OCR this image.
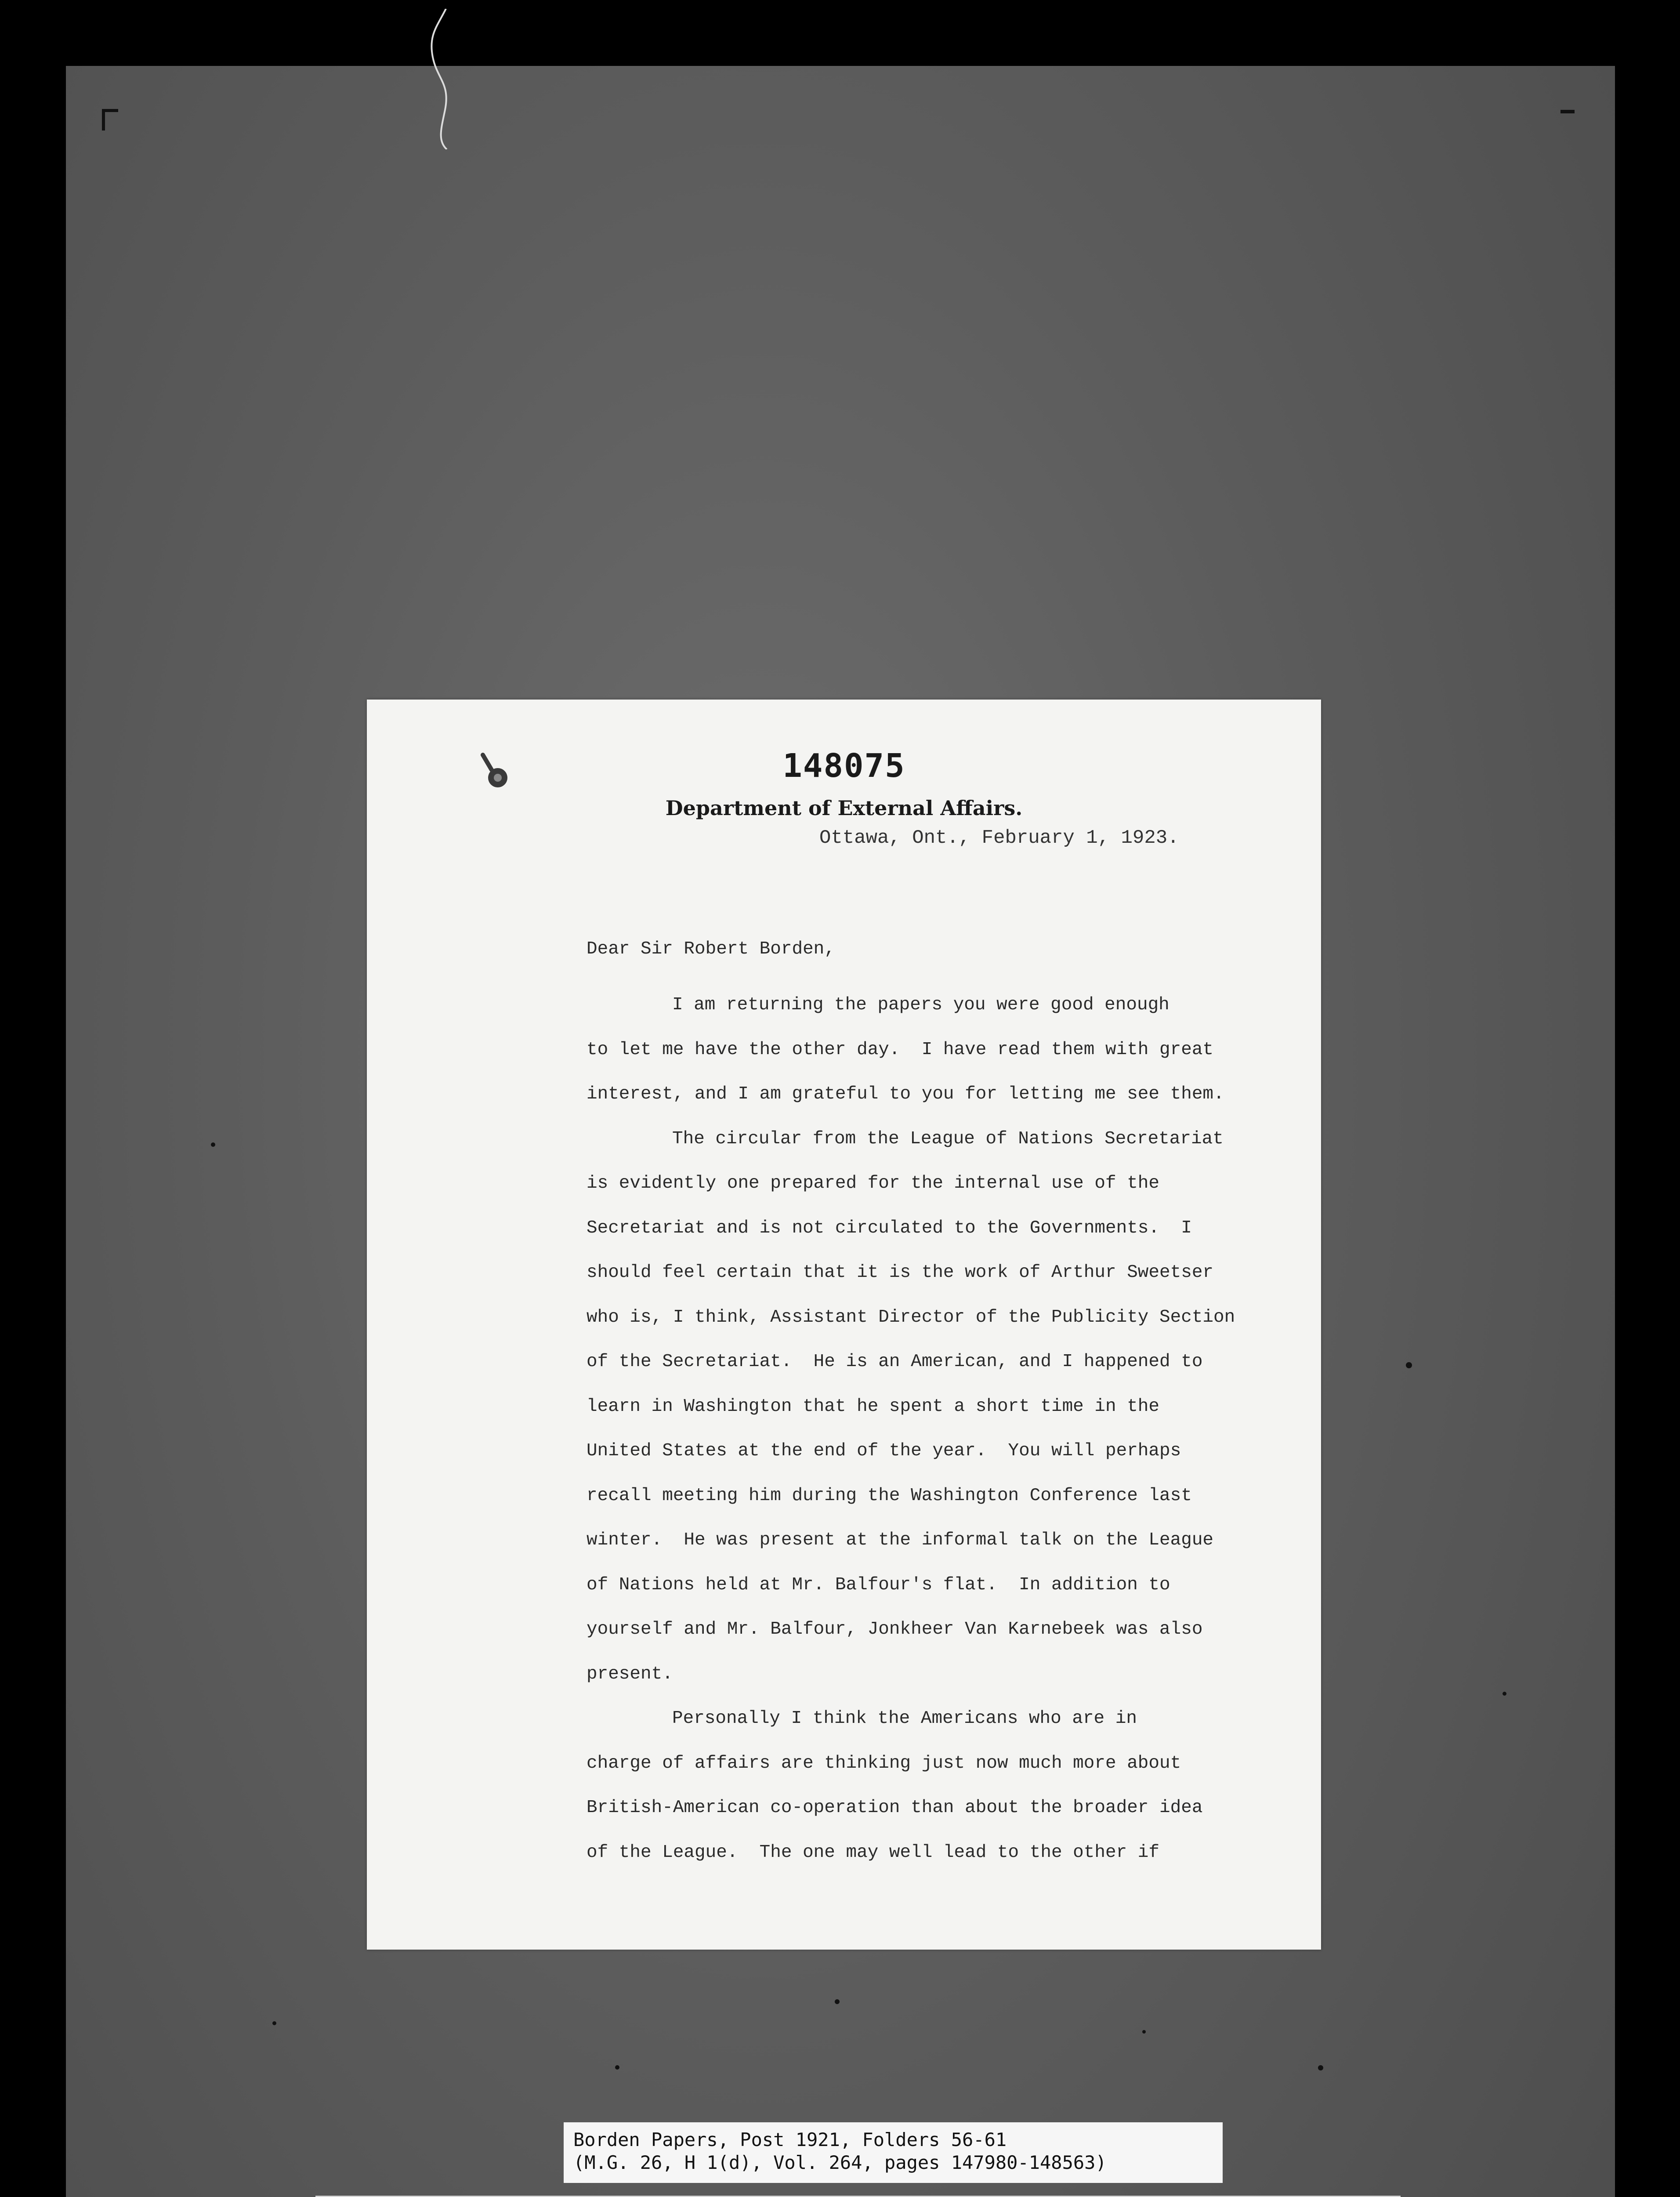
148075
Department of External Affairs.
Ottawa, Ont., February 1, 1923.
Dear Sir Robert Borden,
I am returning the papers you were good enough
to let me have the other day.  I have read them with great
interest, and I am grateful to you for letting me see them.
The circular from the League of Nations Secretariat
is evidently one prepared for the internal use of the
Secretariat and is not circulated to the Governments.  I
should feel certain that it is the work of Arthur Sweetser
who is, I think, Assistant Director of the Publicity Section
of the Secretariat.  He is an American, and I happened to
learn in Washington that he spent a short time in the
United States at the end of the year.  You will perhaps
recall meeting him during the Washington Conference last
winter.  He was present at the informal talk on the League
of Nations held at Mr. Balfour's flat.  In addition to
yourself and Mr. Balfour, Jonkheer Van Karnebeek was also
present.
Personally I think the Americans who are in
charge of affairs are thinking just now much more about
British-American co-operation than about the broader idea
of the League.  The one may well lead to the other if
Borden Papers, Post 1921, Folders 56-61
(M.G. 26, H 1(d), Vol. 264, pages 147980-148563)
